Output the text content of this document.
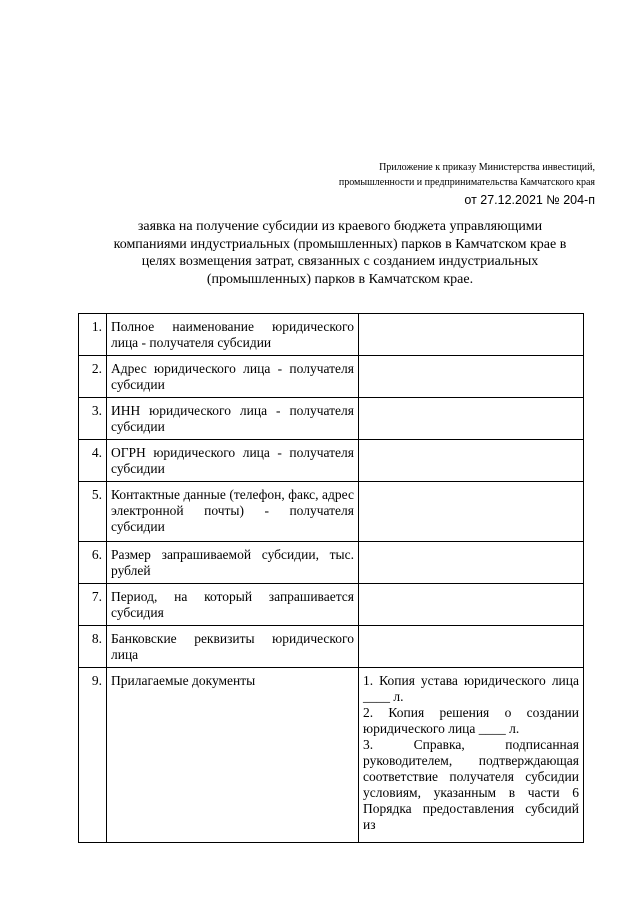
Приложение к приказу Министерства инвестиций,
промышленности и предпринимательства Камчатского края
от 27.12.2021 № 204-п
заявка на получение субсидии из краевого бюджета управляющими
компаниями индустриальных (промышленных) парков в Камчатском крае в
целях возмещения затрат, связанных с созданием индустриальных
(промышленных) парков в Камчатском крае.
1.	Полное наименование юридического лица - получателя субсидии	
2.	Адрес юридического лица - получателя субсидии	
3.	ИНН юридического лица - получателя субсидии	
4.	ОГРН юридического лица - получателя субсидии	
5.	Контактные данные (телефон, факс, адрес электронной почты) - получателя субсидии	
6.	Размер запрашиваемой субсидии, тыс. рублей	
7.	Период, на который запрашивается субсидия	
8.	Банковские реквизиты юридического лица	
9.	Прилагаемые документы	1. Копия устава юридического лица ____ л.
2. Копия решения о создании юридического лица ____ л.
3. Справка, подписанная руководителем, подтверждающая соответствие получателя субсидии условиям, указанным в части 6 Порядка предоставления субсидий из
